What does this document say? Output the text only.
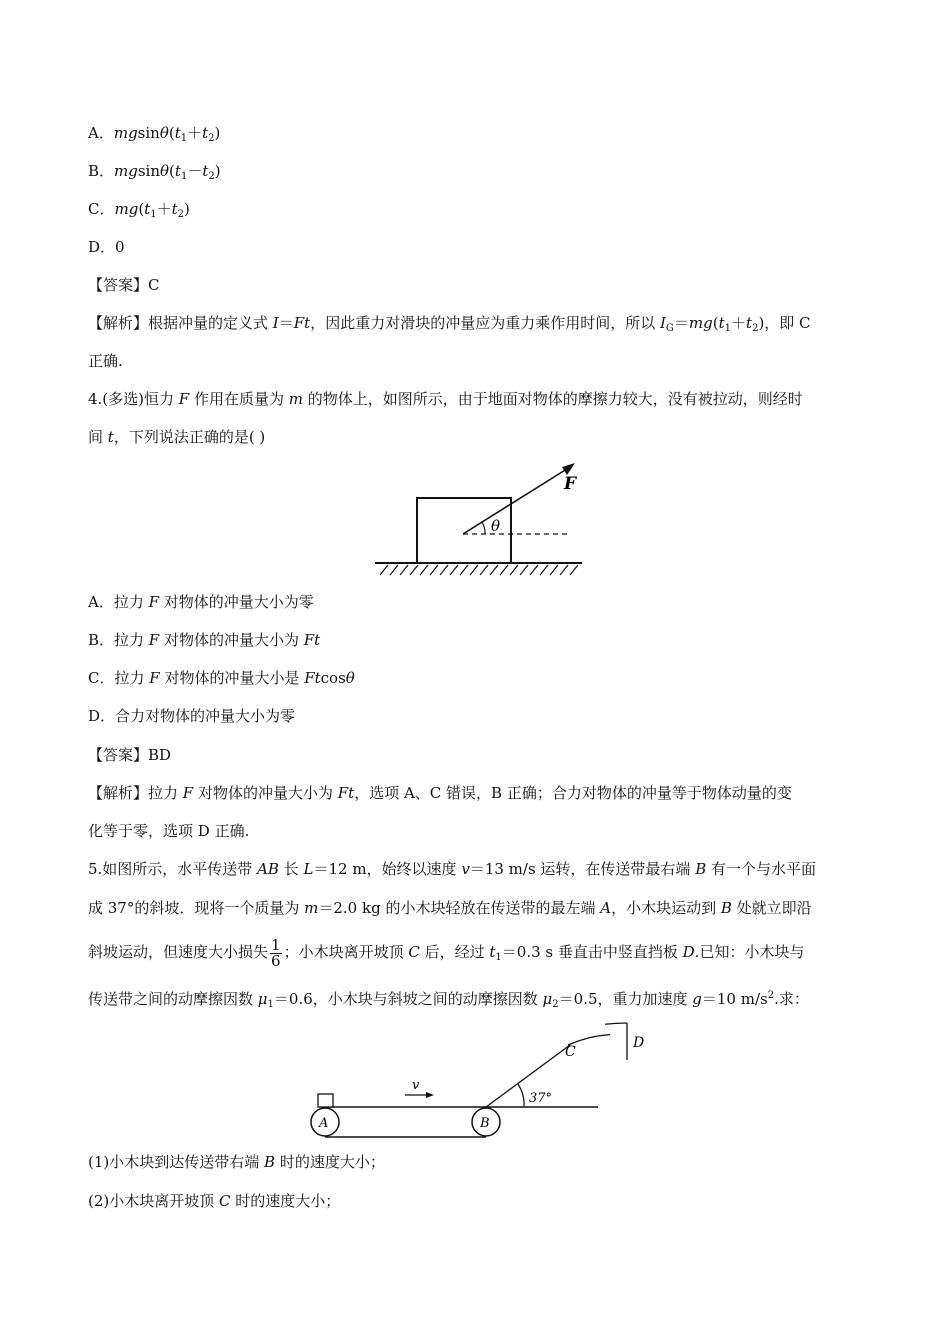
A．$mgsin\theta(t_1+t_2)$
B．$mgsin\theta(t_1-t_2)$
C．$mg(t_1+t_2)$
D．0
【答案】C
【解析】根据冲量的定义式 I＝Ft，因此重力对滑块的冲量应为重力乘作用时间，所以 $I_G=mg(t_1+t_2)$，即 C
正确.
4.(多选)恒力 F 作用在质量为 m 的物体上，如图所示，由于地面对物体的摩擦力较大，没有被拉动，则经时
间 t，下列说法正确的是( )
F
θ
A．拉力 F 对物体的冲量大小为零
B．拉力 F 对物体的冲量大小为 Ft
C．拉力 F 对物体的冲量大小是 Ftcosθ
D．合力对物体的冲量大小为零
【答案】BD
【解析】拉力 F 对物体的冲量大小为 Ft，选项 A、C 错误，B 正确；合力对物体的冲量等于物体动量的变
化等于零，选项 D 正确.
5.如图所示，水平传送带 AB 长 L＝12 m，始终以速度 v＝13 m/s 运转，在传送带最右端 B 有一个与水平面
成 37°的斜坡．现将一个质量为 m＝2.0 kg 的小木块轻放在传送带的最左端 A，小木块运动到 B 处就立即沿
斜坡运动，但速度大小损失 $\frac{1}{6}$ ；小木块离开坡顶 C 后，经过 $t_1=0.3$ s 垂直击中竖直挡板 D.已知：小木块与
传送带之间的动摩擦因数 $\mu_1=0.6$，小木块与斜坡之间的动摩擦因数 $\mu_2=0.5$，重力加速度 g＝10 $m/s^2$.求：
A	B
C
v
37°
D
(1)小木块到达传送带右端 B 时的速度大小；
(2)小木块离开坡顶 C 时的速度大小；
